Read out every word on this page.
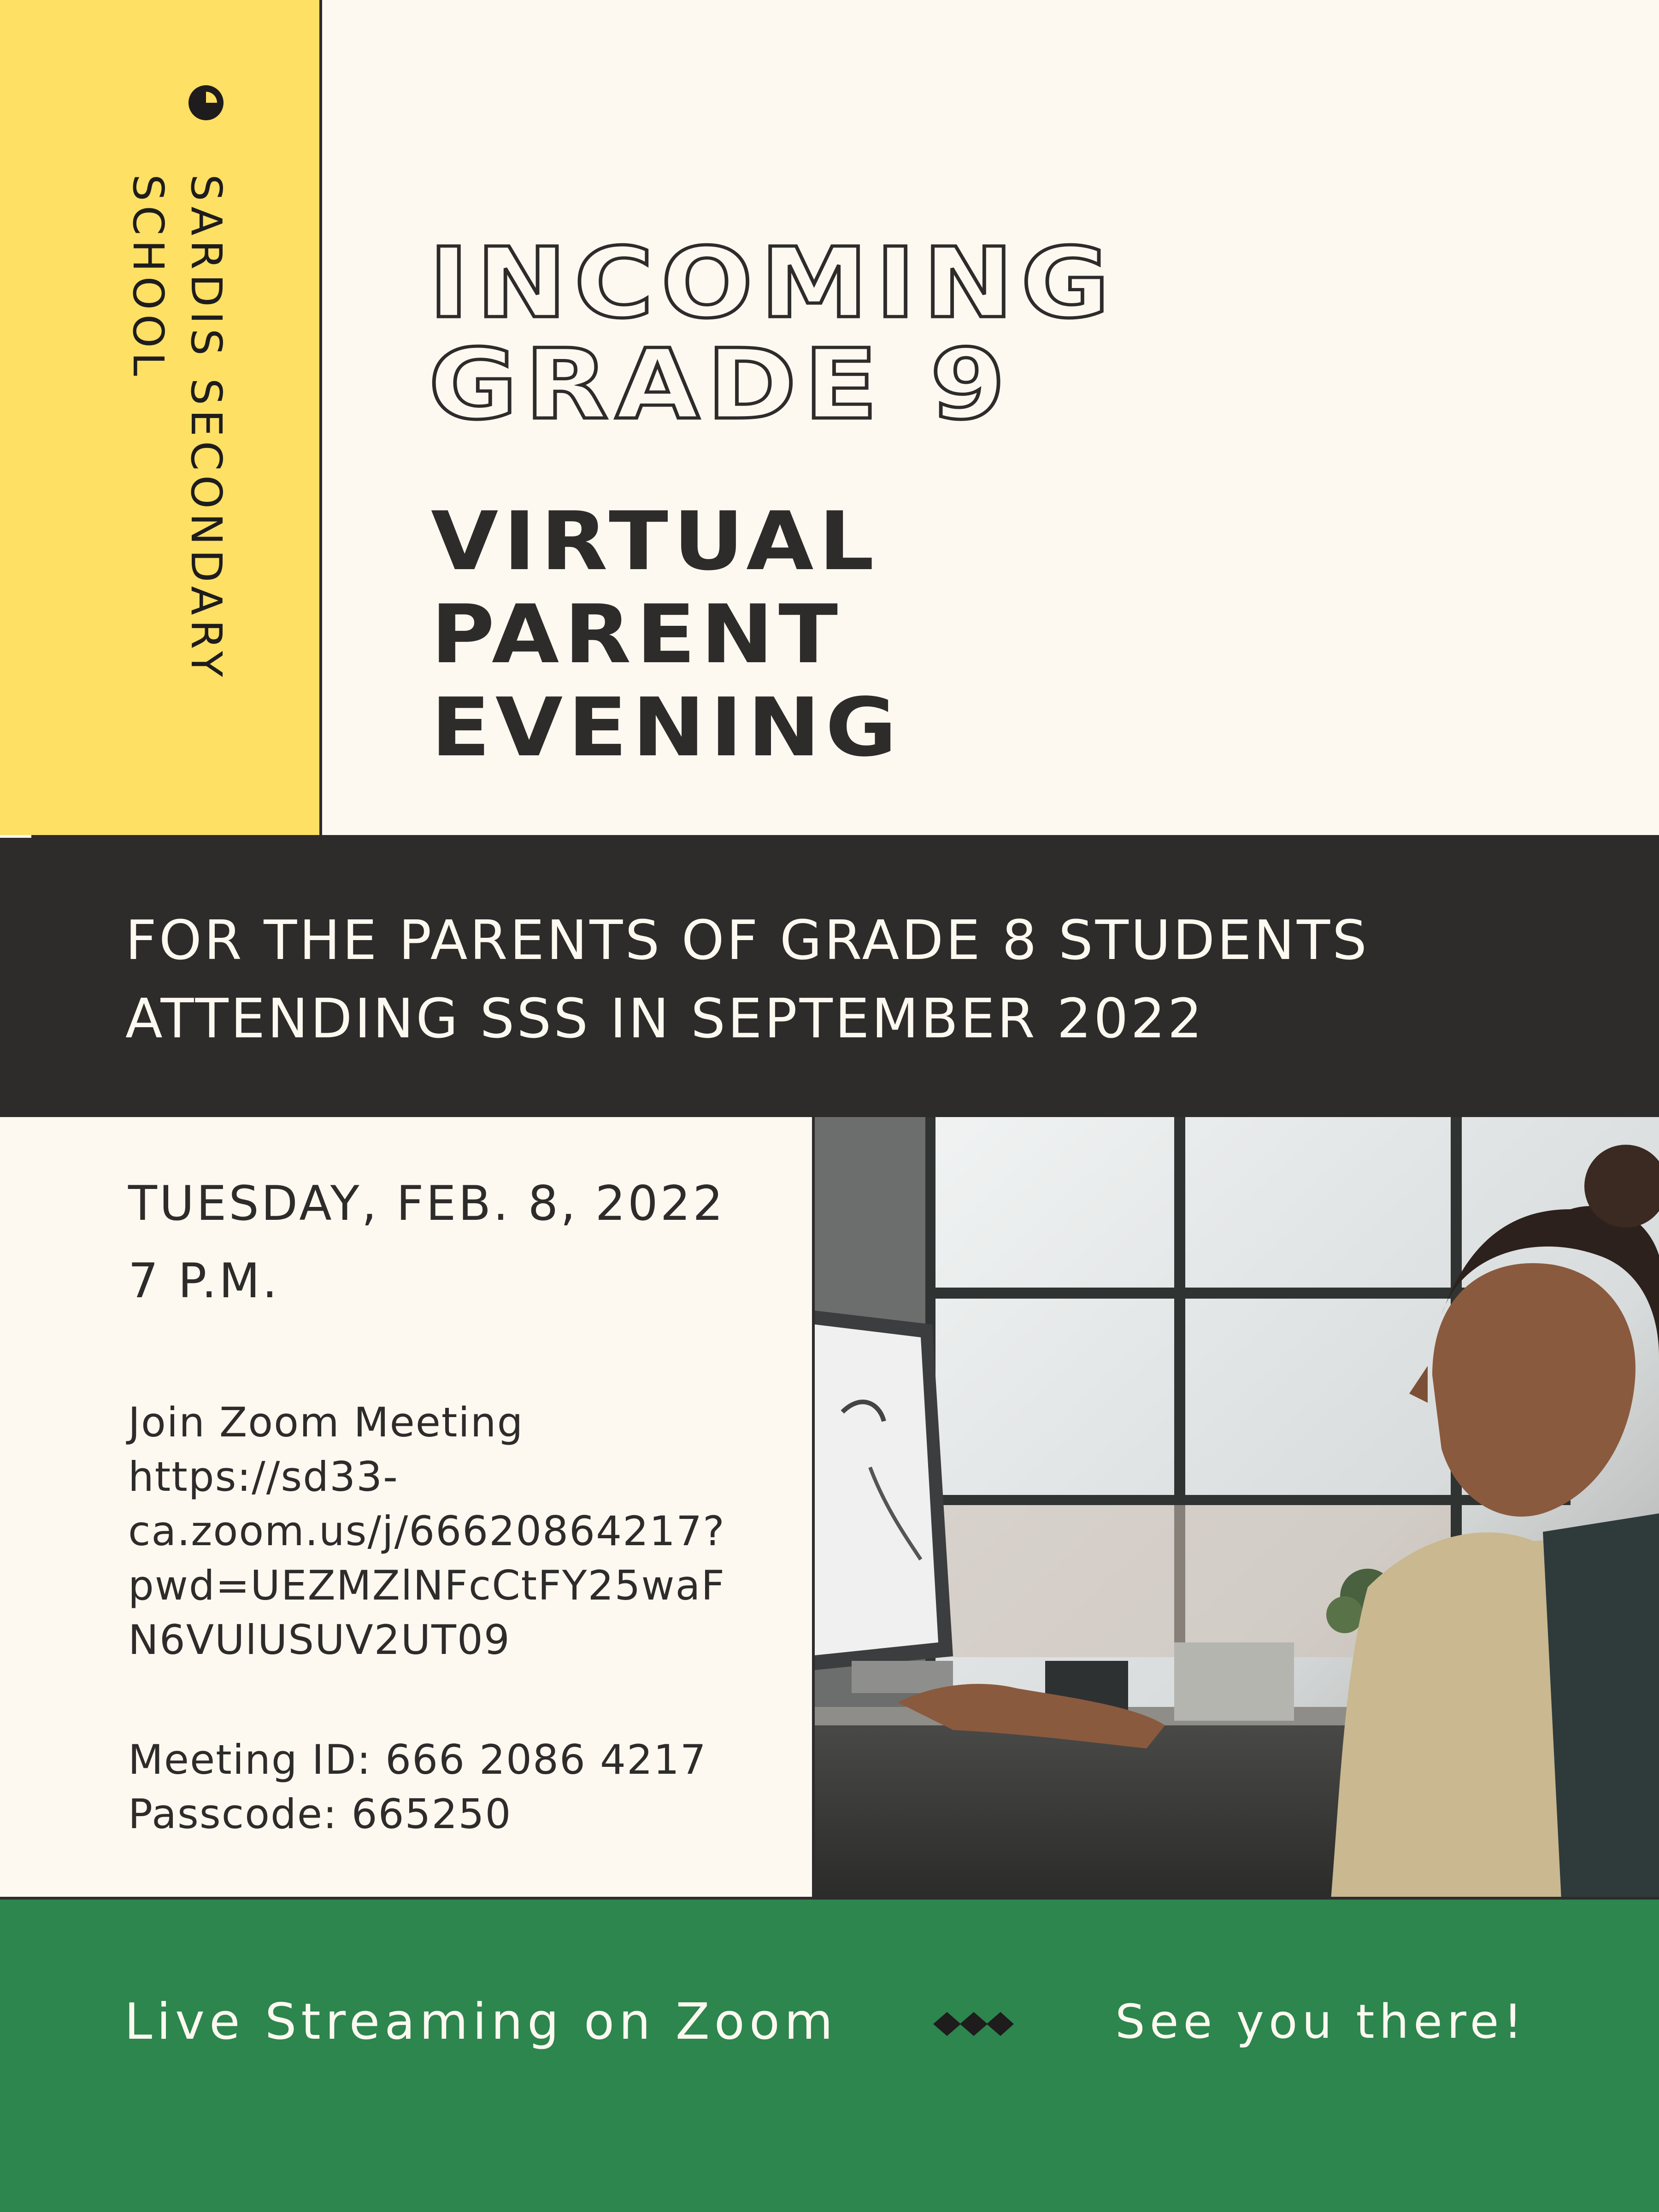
SARDIS SECONDARY
SCHOOL	INCOMING
GRADE 9
VIRTUAL
PARENT
EVENING
FOR THE PARENTS OF GRADE 8 STUDENTS
ATTENDING SSS IN SEPTEMBER 2022
TUESDAY, FEB. 8, 2022
7 P.M.
Join Zoom Meeting
https://sd33-
ca.zoom.us/j/66620864217?
pwd=UEZMZlNFcCtFY25waF
N6VUlUSUV2UT09
Meeting ID: 666 2086 4217
Passcode: 665250
Live Streaming on Zoom	See you there!
